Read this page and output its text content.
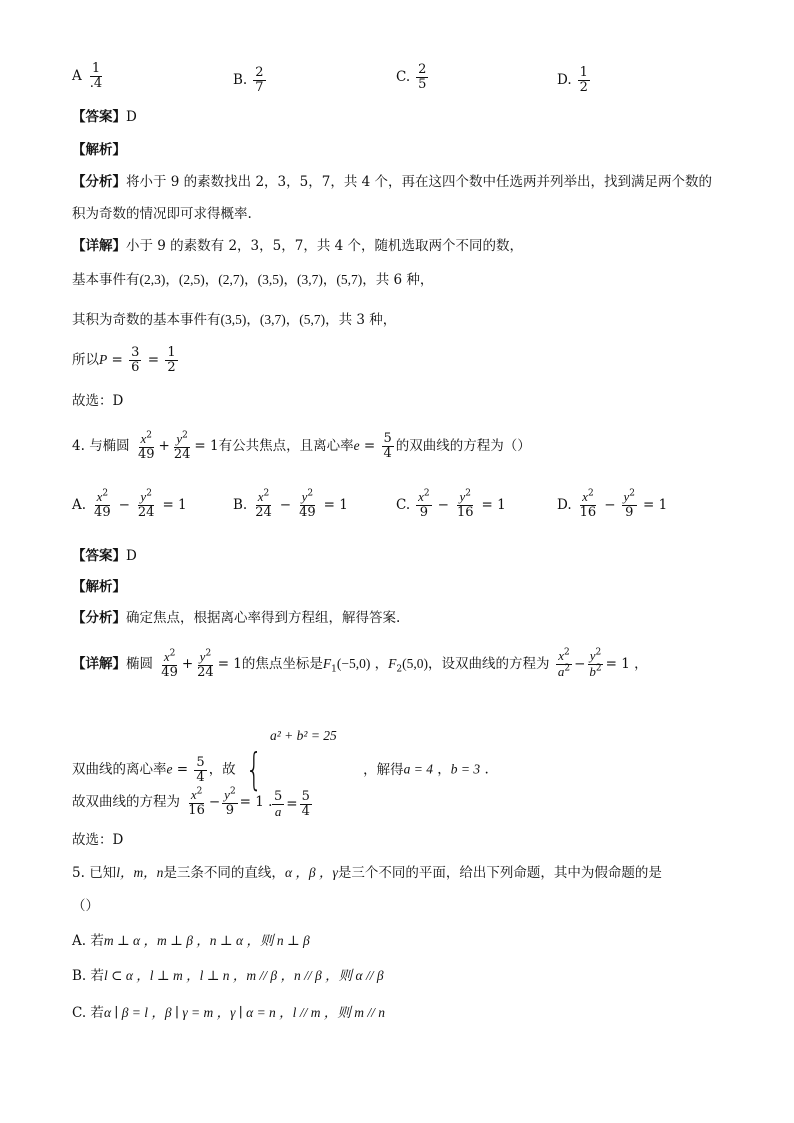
A $\frac{1}{.4}$	B. $\frac{2}{7}$	C. $\frac{2}{5}$	D. $\frac{1}{2}$
【答案】D
【解析】
【分析】将小于 9 的素数找出 2，3，5，7，共 4 个，再在这四个数中任选两并列举出，找到满足两个数的
积为奇数的情况即可求得概率.
【详解】小于 9 的素数有 2，3，5，7，共 4 个，随机选取两个不同的数，
基本事件有(2,3)，(2,5)，(2,7)，(3,5)，(3,7)，(5,7)，共 6 种，
其积为奇数的基本事件有(3,5)，(3,7)，(5,7)，共 3 种，
所以$P = \frac{3}{6} = \frac{1}{2}$
故选：D
4. 与椭圆 $\frac{x^2}{49} + \frac{y^2}{24} = 1$有公共焦点，且离心率$e = \frac{5}{4}$ 的双曲线的方程为（）
A. $\frac{x^2}{49} - \frac{y^2}{24} = 1$	B. $\frac{x^2}{24} - \frac{y^2}{49} = 1$	C. $\frac{x^2}{9} - \frac{y^2}{16} = 1$	D. $\frac{x^2}{16} - \frac{y^2}{9} = 1$
【答案】D
【解析】
【分析】确定焦点，根据离心率得到方程组，解得答案.
【详解】椭圆 $\frac{x^2}{49} + \frac{y^2}{24} = 1$的焦点坐标是$F_1(-5,0)$ ，$F_2(5,0)$，设双曲线的方程为 $\frac{x^2}{a^2} - \frac{y^2}{b^2} = 1$ ，
双曲线的离心率$e = \frac{5}{4}$ ，故 {
a² + b² = 25
$\frac{5}{a} = \frac{5}{4}$
，解得a = 4 ，b = 3 .
故双曲线的方程为 $\frac{x^2}{16} - \frac{y^2}{9} = 1$ .
故选：D
5. 已知l，m，n是三条不同的直线，α ，β ，γ是三个不同的平面，给出下列命题，其中为假命题的是
（）
A. 若m ⊥ α ，m ⊥ β ，n ⊥ α ，则 n ⊥ β
B. 若l ⊂ α ，l ⊥ m ，l ⊥ n ，m // β ，n // β ，则 α // β
C. 若α ∣ β = l ，β ∣ γ = m ，γ ∣ α = n ，l // m ，则 m // n
